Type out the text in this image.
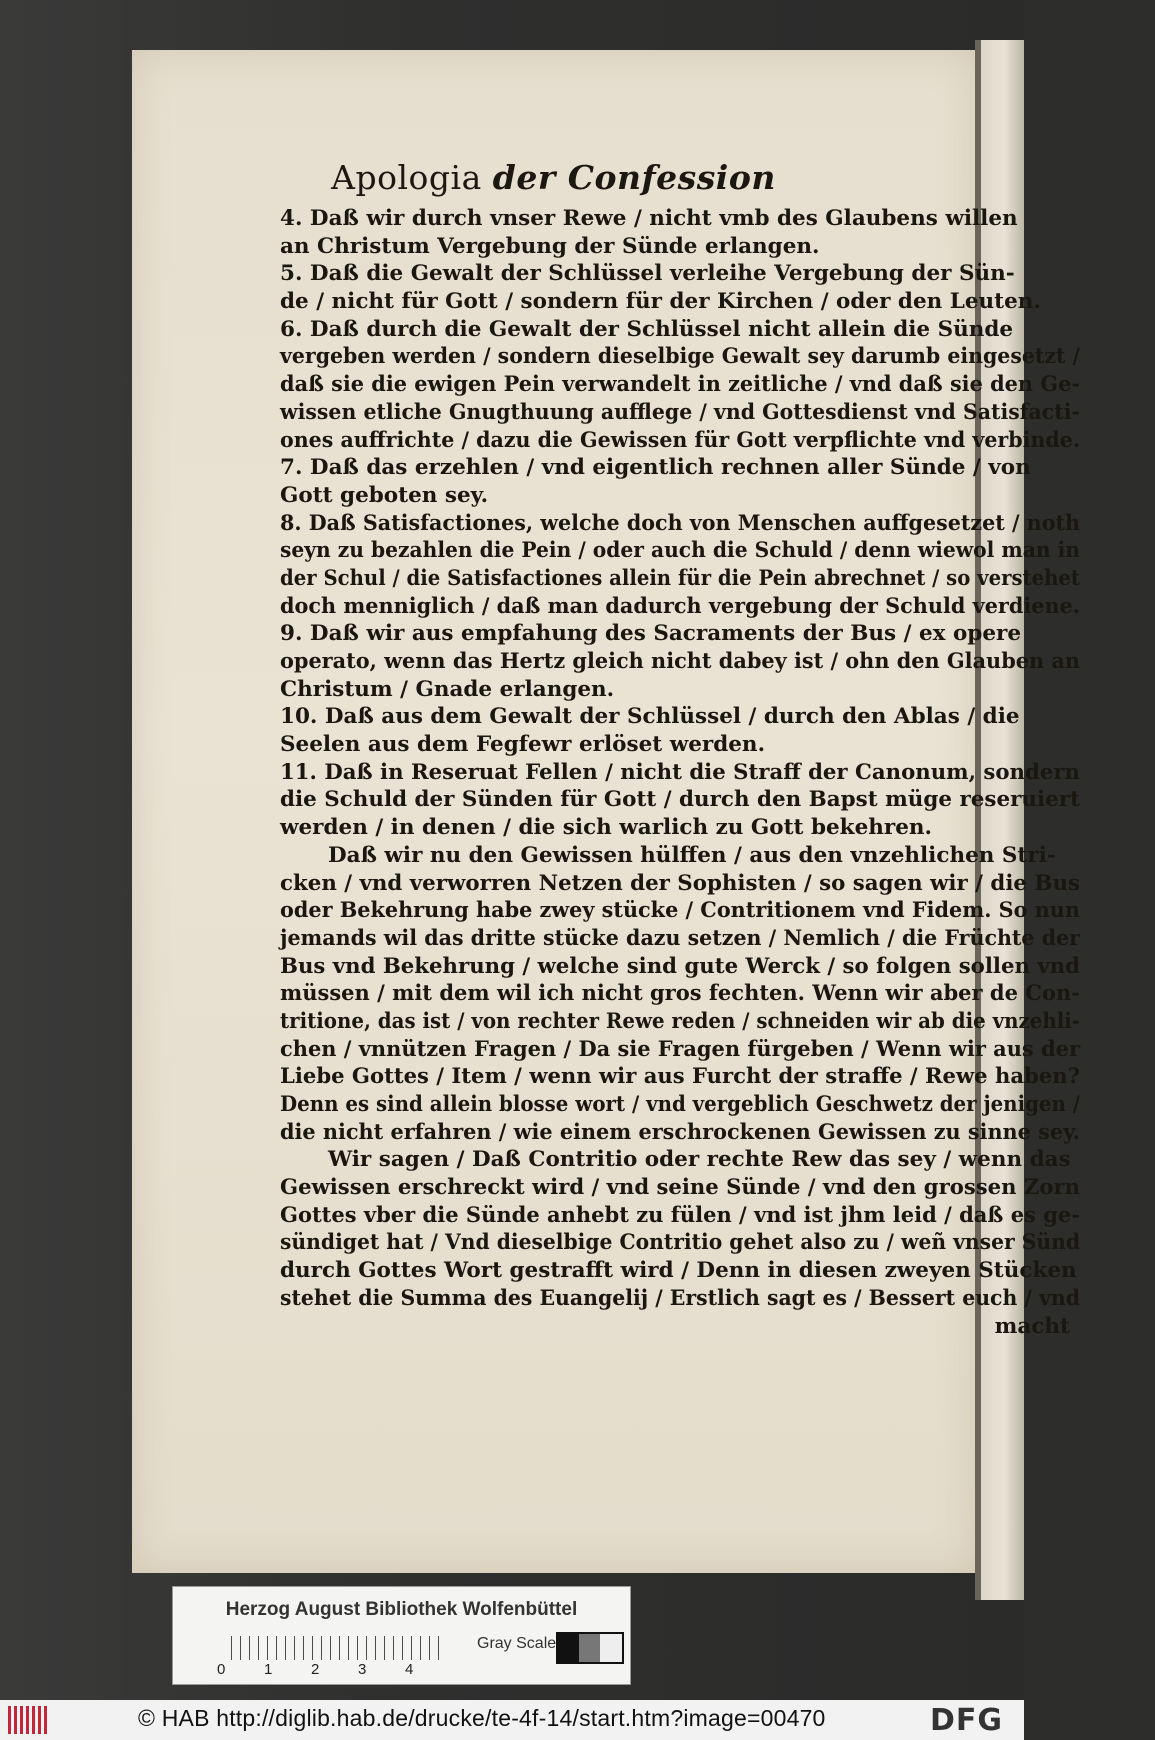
Apologia der Confession
4. Daß wir durch vnser Rewe / nicht vmb des Glaubens willen
an Christum Vergebung der Sünde erlangen.
5. Daß die Gewalt der Schlüssel verleihe Vergebung der Sün-
de / nicht für Gott / sondern für der Kirchen / oder den Leuten.
6. Daß durch die Gewalt der Schlüssel nicht allein die Sünde
vergeben werden / sondern dieselbige Gewalt sey darumb eingesetzt /
daß sie die ewigen Pein verwandelt in zeitliche / vnd daß sie den Ge-
wissen etliche Gnugthuung aufflege / vnd Gottesdienst vnd Satisfacti-
ones auffrichte / dazu die Gewissen für Gott verpflichte vnd verbinde.
7. Daß das erzehlen / vnd eigentlich rechnen aller Sünde / von
Gott geboten sey.
8. Daß Satisfactiones, welche doch von Menschen auffgesetzet / noth
seyn zu bezahlen die Pein / oder auch die Schuld / denn wiewol man in
der Schul / die Satisfactiones allein für die Pein abrechnet / so verstehet
doch menniglich / daß man dadurch vergebung der Schuld verdiene.
9. Daß wir aus empfahung des Sacraments der Bus / ex opere
operato, wenn das Hertz gleich nicht dabey ist / ohn den Glauben an
Christum / Gnade erlangen.
10. Daß aus dem Gewalt der Schlüssel / durch den Ablas / die
Seelen aus dem Fegfewr erlöset werden.
11. Daß in Reseruat Fellen / nicht die Straff der Canonum, sondern
die Schuld der Sünden für Gott / durch den Bapst müge reseruiert
werden / in denen / die sich warlich zu Gott bekehren.
Daß wir nu den Gewissen hülffen / aus den vnzehlichen Stri-
cken / vnd verworren Netzen der Sophisten / so sagen wir / die Bus
oder Bekehrung habe zwey stücke / Contritionem vnd Fidem. So nun
jemands wil das dritte stücke dazu setzen / Nemlich / die Früchte der
Bus vnd Bekehrung / welche sind gute Werck / so folgen sollen vnd
müssen / mit dem wil ich nicht gros fechten. Wenn wir aber de Con-
tritione, das ist / von rechter Rewe reden / schneiden wir ab die vnzehli-
chen / vnnützen Fragen / Da sie Fragen fürgeben / Wenn wir aus der
Liebe Gottes / Item / wenn wir aus Furcht der straffe / Rewe haben?
Denn es sind allein blosse wort / vnd vergeblich Geschwetz der jenigen /
die nicht erfahren / wie einem erschrockenen Gewissen zu sinne sey.
Wir sagen / Daß Contritio oder rechte Rew das sey / wenn das
Gewissen erschreckt wird / vnd seine Sünde / vnd den grossen Zorn
Gottes vber die Sünde anhebt zu fülen / vnd ist jhm leid / daß es ge-
sündiget hat / Vnd dieselbige Contritio gehet also zu / weñ vnser Sünd
durch Gottes Wort gestrafft wird / Denn in diesen zweyen Stücken
stehet die Summa des Euangelij / Erstlich sagt es / Bessert euch / vnd
macht
Herzog August Bibliothek Wolfenbüttel
0	1	2	3	4
Gray Scale
© HAB http://diglib.hab.de/drucke/te-4f-14/start.htm?image=00470	DFG
